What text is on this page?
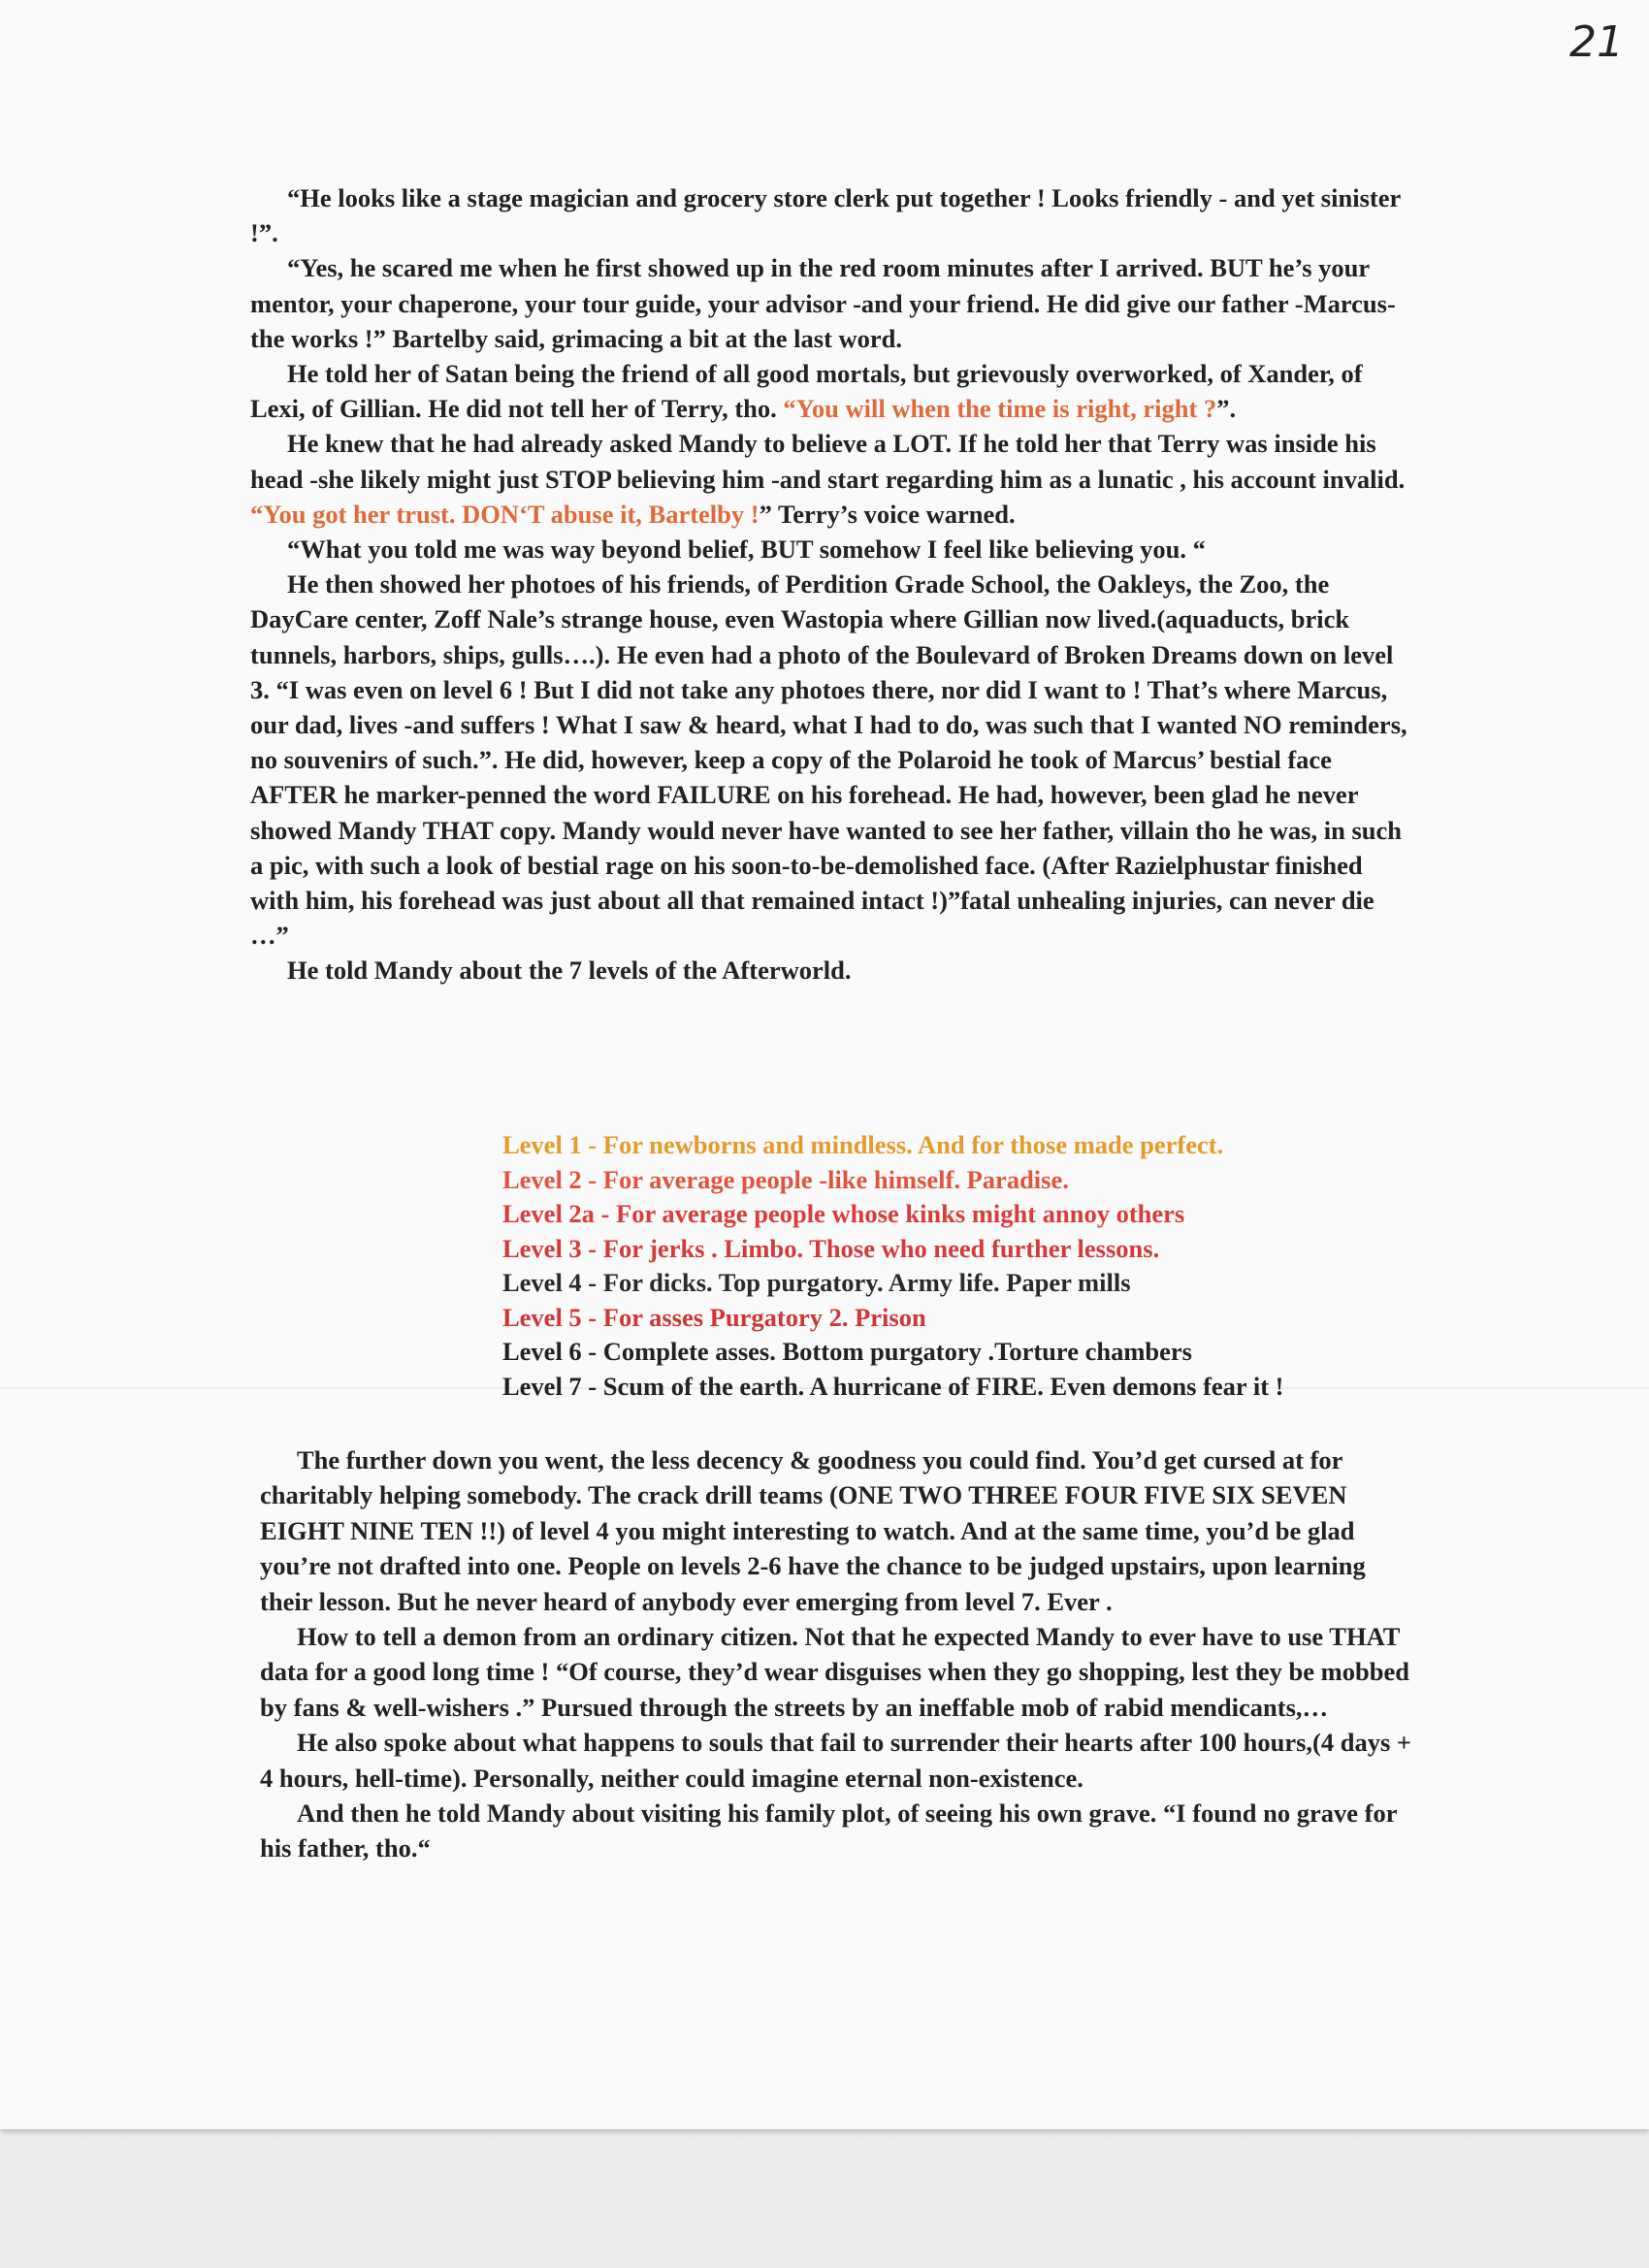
21

“He looks like a stage magician and grocery store clerk put together ! Looks friendly - and yet sinister !”.

“Yes, he scared me when he first showed up in the red room minutes after I arrived. BUT he’s your mentor, your chaperone, your tour guide, your advisor -and your friend. He did give our father -Marcus- the works !” Bartelby said, grimacing a bit at the last word.

He told her of Satan being the friend of all good mortals, but grievously overworked, of Xander, of Lexi, of Gillian. He did not tell her of Terry, tho. “You will when the time is right, right ?”.

He knew that he had already asked Mandy to believe a LOT. If he told her that Terry was inside his head -she likely might just STOP believing him -and start regarding him as a lunatic , his account invalid. “You got her trust. DON‘T abuse it, Bartelby !” Terry’s voice warned.

“What you told me was way beyond belief, BUT somehow I feel like believing you. “

He then showed her photoes of his friends, of Perdition Grade School, the Oakleys, the Zoo, the DayCare center, Zoff Nale’s strange house, even Wastopia where Gillian now lived.(aquaducts, brick tunnels, harbors, ships, gulls….). He even had a photo of the Boulevard of Broken Dreams down on level 3. “I was even on level 6 ! But I did not take any photoes there, nor did I want to ! That’s where Marcus, our dad, lives -and suffers ! What I saw & heard, what I had to do, was such that I wanted NO reminders, no souvenirs of such.”. He did, however, keep a copy of the Polaroid he took of Marcus’ bestial face AFTER he marker-penned the word FAILURE on his forehead. He had, however, been glad he never showed Mandy THAT copy. Mandy would never have wanted to see her father, villain tho he was, in such a pic, with such a look of bestial rage on his soon-to-be-demolished face. (After Razielphustar finished with him, his forehead was just about all that remained intact !)”fatal unhealing injuries, can never die …”

He told Mandy about the 7 levels of the Afterworld.

Level 1 - For newborns and mindless. And for those made perfect.
Level 2 - For average people -like himself. Paradise.
Level 2a - For average people whose kinks might annoy others
Level 3 - For jerks . Limbo. Those who need further lessons.
Level 4 - For dicks. Top purgatory. Army life. Paper mills
Level 5 - For asses Purgatory 2. Prison
Level 6 - Complete asses. Bottom purgatory .Torture chambers
Level 7 - Scum of the earth. A hurricane of FIRE. Even demons fear it !

The further down you went, the less decency & goodness you could find. You’d get cursed at for charitably helping somebody. The crack drill teams (ONE TWO THREE FOUR FIVE SIX SEVEN EIGHT NINE TEN !!) of level 4 you might interesting to watch. And at the same time, you’d be glad you’re not drafted into one. People on levels 2-6 have the chance to be judged upstairs, upon learning their lesson. But he never heard of anybody ever emerging from level 7. Ever .

How to tell a demon from an ordinary citizen. Not that he expected Mandy to ever have to use THAT data for a good long time ! “Of course, they’d wear disguises when they go shopping, lest they be mobbed by fans & well-wishers .” Pursued through the streets by an ineffable mob of rabid mendicants,…

He also spoke about what happens to souls that fail to surrender their hearts after 100 hours,(4 days + 4 hours, hell-time). Personally, neither could imagine eternal non-existence.

And then he told Mandy about visiting his family plot, of seeing his own grave. “I found no grave for his father, tho.“
